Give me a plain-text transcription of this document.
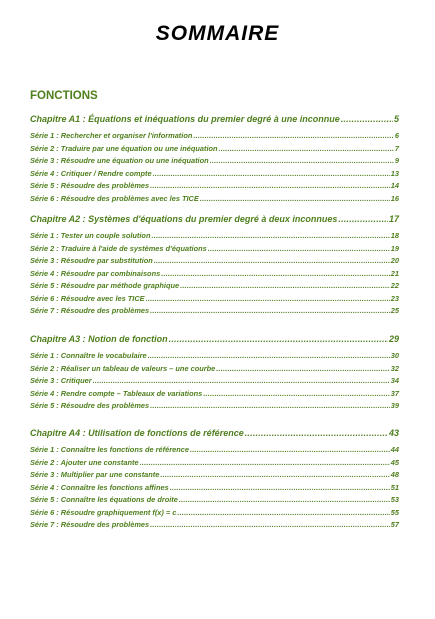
SOMMAIRE
FONCTIONS
Chapitre A1 : Équations et inéquations du premier degré à une inconnue .....	5
Série 1 : Rechercher et organiser l'information .....	6
Série 2 : Traduire par une équation ou une inéquation .....	7
Série 3 : Résoudre une équation ou une inéquation .....	9
Série 4 : Critiquer / Rendre compte .....	13
Série 5 : Résoudre des problèmes .....	14
Série 6 : Résoudre des problèmes avec les TICE .....	16
Chapitre A2 : Systèmes d'équations du premier degré à deux inconnues .....	17
Série 1 : Tester un couple solution .....	18
Série 2 : Traduire à l'aide de systèmes d'équations .....	19
Série 3 : Résoudre par substitution .....	20
Série 4 : Résoudre par combinaisons .....	21
Série 5 : Résoudre par méthode graphique .....	22
Série 6 : Résoudre avec les TICE .....	23
Série 7 : Résoudre des problèmes .....	25
Chapitre A3 : Notion de fonction .....	29
Série 1 : Connaître le vocabulaire .....	30
Série 2 : Réaliser un tableau de valeurs – une courbe .....	32
Série 3 : Critiquer .....	34
Série 4 : Rendre compte – Tableaux de variations .....	37
Série 5 : Résoudre des problèmes .....	39
Chapitre A4 : Utilisation de fonctions de référence .....	43
Série 1 : Connaître les fonctions de référence .....	44
Série 2 : Ajouter une constante .....	45
Série 3 : Multiplier par une constante .....	48
Série 4 : Connaître les fonctions affines .....	51
Série 5 : Connaître les équations de droite .....	53
Série 6 : Résoudre graphiquement f(x) = c .....	55
Série 7 : Résoudre des problèmes .....	57
